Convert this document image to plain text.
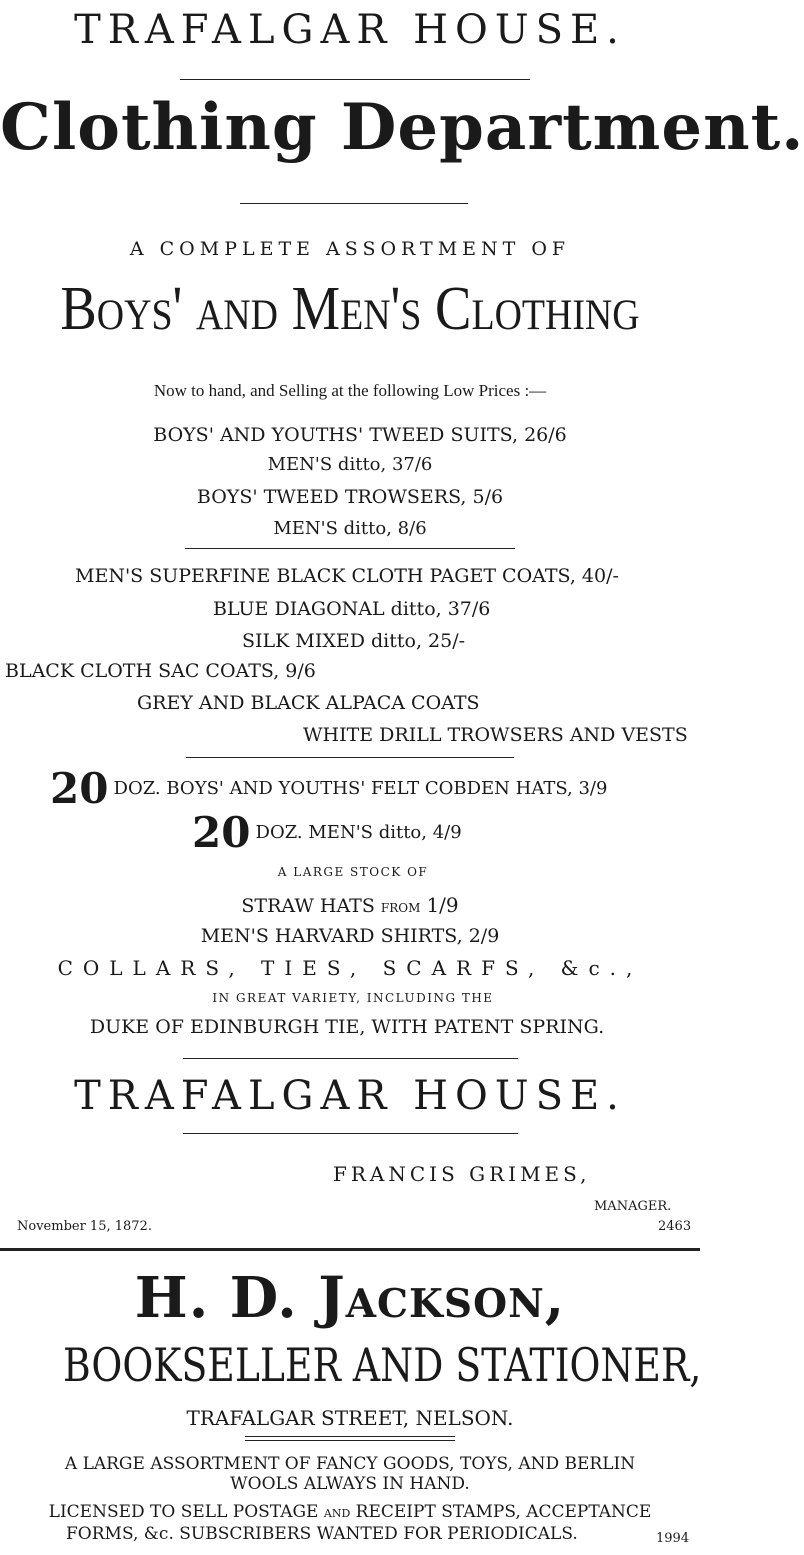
TRAFALGAR HOUSE.
Clothing Department.
A COMPLETE ASSORTMENT OF
Boys' and Men's Clothing
Now to hand, and Selling at the following Low Prices :—
BOYS' AND YOUTHS' TWEED SUITS, 26/6
MEN'S ditto, 37/6
BOYS' TWEED TROWSERS, 5/6
MEN'S ditto, 8/6
MEN'S SUPERFINE BLACK CLOTH PAGET COATS, 40/-
BLUE DIAGONAL ditto, 37/6
SILK MIXED ditto, 25/-
BLACK CLOTH SAC COATS, 9/6
GREY AND BLACK ALPACA COATS
WHITE DRILL TROWSERS AND VESTS
20 DOZ. BOYS' AND YOUTHS' FELT COBDEN HATS, 3/9
20 DOZ. MEN'S ditto, 4/9
A LARGE STOCK OF
STRAW HATS FROM 1/9
MEN'S HARVARD SHIRTS, 2/9
COLLARS, TIES, SCARFS, &c.,
IN GREAT VARIETY, INCLUDING THE
DUKE OF EDINBURGH TIE, WITH PATENT SPRING.
TRAFALGAR HOUSE.
FRANCIS GRIMES,
MANAGER.
November 15, 1872.	2463
H. D. Jackson,
BOOKSELLER AND STATIONER,
TRAFALGAR STREET, NELSON.
A LARGE ASSORTMENT OF FANCY GOODS, TOYS, AND BERLIN
WOOLS ALWAYS IN HAND.
LICENSED TO SELL POSTAGE AND RECEIPT STAMPS, ACCEPTANCE
FORMS, &c. SUBSCRIBERS WANTED FOR PERIODICALS.	1994
